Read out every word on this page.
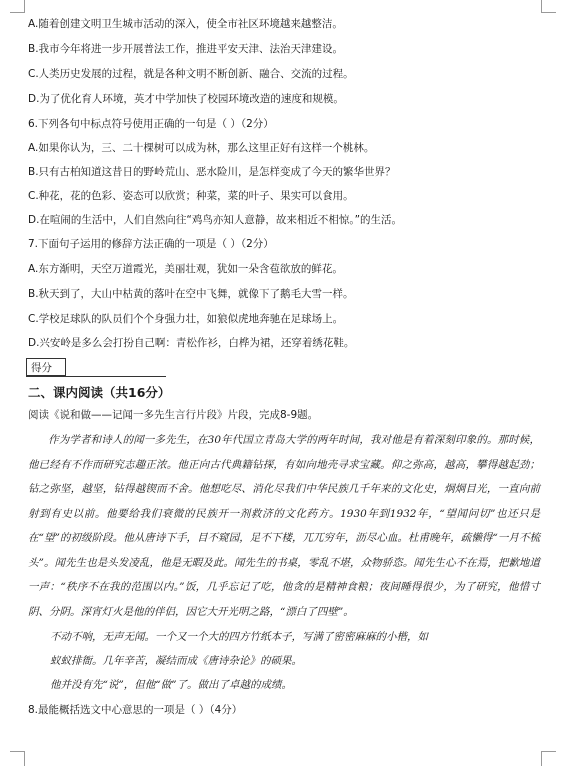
A.随着创建文明卫生城市活动的深入，使全市社区环境越来越整洁。
B.我市今年将进一步开展普法工作，推进平安天津、法治天津建设。
C.人类历史发展的过程，就是各种文明不断创新、融合、交流的过程。
D.为了优化育人环境，英才中学加快了校园环境改造的速度和规模。
6.下列各句中标点符号使用正确的一句是（ ）（2分）
A.如果你认为，三、二十棵树可以成为林，那么这里正好有这样一个桃林。
B.只有古柏知道这昔日的野岭荒山、恶水险川，是怎样变成了今天的繁华世界？
C.种花，花的色彩、姿态可以欣赏；种菜，菜的叶子、果实可以食用。
D.在喧闹的生活中，人们自然向往“鸡鸟亦知人意静，故来相近不相惊。”的生活。
7.下面句子运用的修辞方法正确的一项是（ ）（2分）
A.东方渐明，天空万道霞光，美丽壮观，犹如一朵含苞欲放的鲜花。
B.秋天到了，大山中枯黄的落叶在空中飞舞，就像下了鹅毛大雪一样。
C.学校足球队的队员们个个身强力壮，如狼似虎地奔驰在足球场上。
D.兴安岭是多么会打扮自己啊：青松作衫，白桦为裙，还穿着绣花鞋。
得分
二、课内阅读（共16分）
阅读《说和做——记闻一多先生言行片段》片段，完成8-9题。
作为学者和诗人的闻一多先生，在30年代国立青岛大学的两年时间，我对他是有着深刻印象的。那时候，他已经有不作而研究志趣正浓。他正向古代典籍钻探，有如向地壳寻求宝藏。仰之弥高，越高，攀得越起劲；钻之弥坚，越坚，钻得越锲而不舍。他想吃尽、消化尽我们中华民族几千年来的文化史，炯炯目光，一直向前射到有史以前。他要给我们衰微的民族开一剂救济的文化药方。1930年到1932年，“望闻问切”也还只是在“望”的初级阶段。他从唐诗下手，目不窥园，足不下楼，兀兀穷年，沥尽心血。杜甫晚年，疏懒得“一月不梳头”。闻先生也是头发凌乱，他是无暇及此。闻先生的书桌，零乱不堪，众物骄恣。闻先生心不在焉，把歉地道一声：“秩序不在我的范围以内。”饭，几乎忘记了吃，他贪的是精神食粮；夜间睡得很少，为了研究，他惜寸阴、分阴。深宵灯火是他的伴侣，因它大开光明之路，“漂白了四壁”。
不动不响，无声无闻。一个又一个大的四方竹纸本子，写满了密密麻麻的小楷，如
蚁蚁排衙。几年辛苦，凝结而成《唐诗杂论》的硕果。
他并没有先“说”，但他“做”了。做出了卓越的成绩。
8.最能概括选文中心意思的一项是（ ）（4分）
